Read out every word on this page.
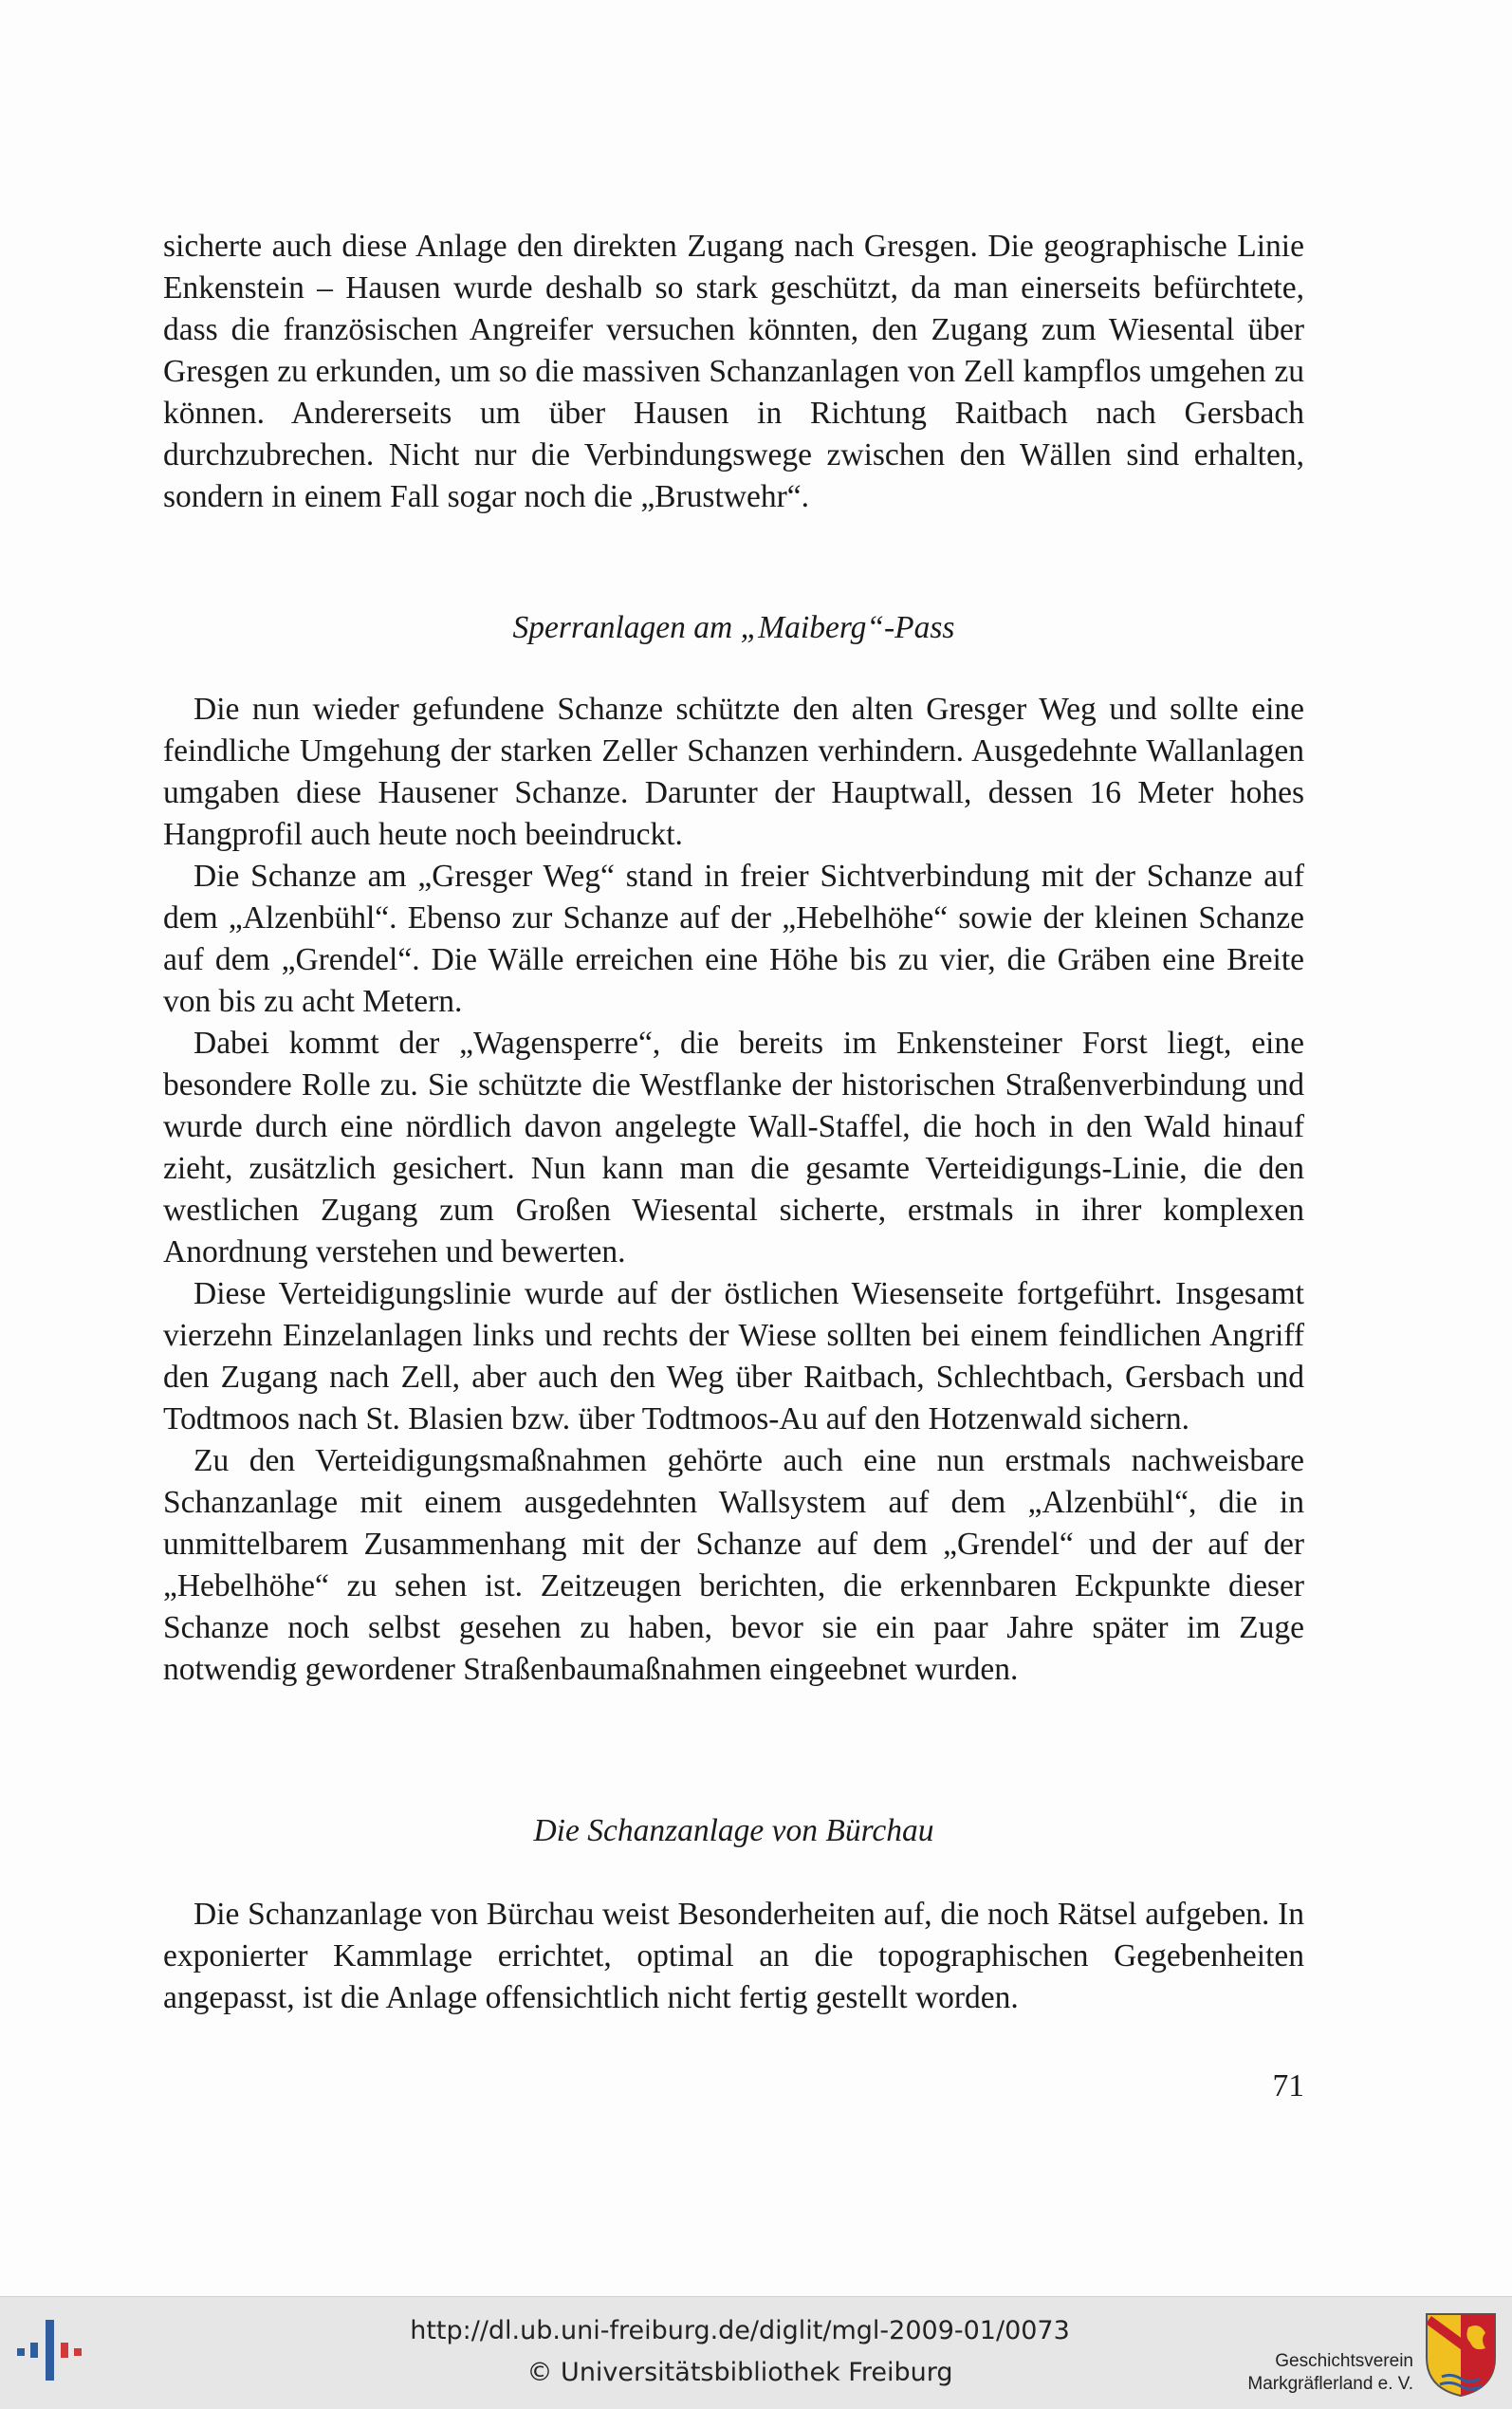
sicherte auch diese Anlage den direkten Zugang nach Gresgen. Die geographische Linie Enkenstein – Hausen wurde deshalb so stark geschützt, da man einerseits befürchtete, dass die französischen Angreifer versuchen könnten, den Zugang zum Wiesental über Gresgen zu erkunden, um so die massiven Schanzanlagen von Zell kampflos umgehen zu können. Andererseits um über Hausen in Richtung Raitbach nach Gersbach durchzubrechen. Nicht nur die Verbindungswege zwischen den Wällen sind erhalten, sondern in einem Fall sogar noch die „Brustwehr“.

Sperranlagen am „Maiberg“-Pass

Die nun wieder gefundene Schanze schützte den alten Gresger Weg und sollte eine feindliche Umgehung der starken Zeller Schanzen verhindern. Ausgedehnte Wallanlagen umgaben diese Hausener Schanze. Darunter der Hauptwall, dessen 16 Meter hohes Hangprofil auch heute noch beeindruckt.

Die Schanze am „Gresger Weg“ stand in freier Sichtverbindung mit der Schanze auf dem „Alzenbühl“. Ebenso zur Schanze auf der „Hebelhöhe“ sowie der kleinen Schanze auf dem „Grendel“. Die Wälle erreichen eine Höhe bis zu vier, die Gräben eine Breite von bis zu acht Metern.

Dabei kommt der „Wagensperre“, die bereits im Enkensteiner Forst liegt, eine besondere Rolle zu. Sie schützte die Westflanke der historischen Straßenverbindung und wurde durch eine nördlich davon angelegte Wall-Staffel, die hoch in den Wald hinauf zieht, zusätzlich gesichert. Nun kann man die gesamte Verteidigungs-Linie, die den westlichen Zugang zum Großen Wiesental sicherte, erstmals in ihrer komplexen Anordnung verstehen und bewerten.

Diese Verteidigungslinie wurde auf der östlichen Wiesenseite fortgeführt. Insgesamt vierzehn Einzelanlagen links und rechts der Wiese sollten bei einem feindlichen Angriff den Zugang nach Zell, aber auch den Weg über Raitbach, Schlechtbach, Gersbach und Todtmoos nach St. Blasien bzw. über Todtmoos-Au auf den Hotzenwald sichern.

Zu den Verteidigungsmaßnahmen gehörte auch eine nun erstmals nachweisbare Schanzanlage mit einem ausgedehnten Wallsystem auf dem „Alzenbühl“, die in unmittelbarem Zusammenhang mit der Schanze auf dem „Grendel“ und der auf der „Hebelhöhe“ zu sehen ist. Zeitzeugen berichten, die erkennbaren Eckpunkte dieser Schanze noch selbst gesehen zu haben, bevor sie ein paar Jahre später im Zuge notwendig gewordener Straßenbaumaßnahmen eingeebnet wurden.

Die Schanzanlage von Bürchau

Die Schanzanlage von Bürchau weist Besonderheiten auf, die noch Rätsel aufgeben. In exponierter Kammlage errichtet, optimal an die topographischen Gegebenheiten angepasst, ist die Anlage offensichtlich nicht fertig gestellt worden.

71
http://dl.ub.uni-freiburg.de/diglit/mgl-2009-01/0073
© Universitätsbibliothek Freiburg	Geschichtsverein
Markgräflerland e. V.
